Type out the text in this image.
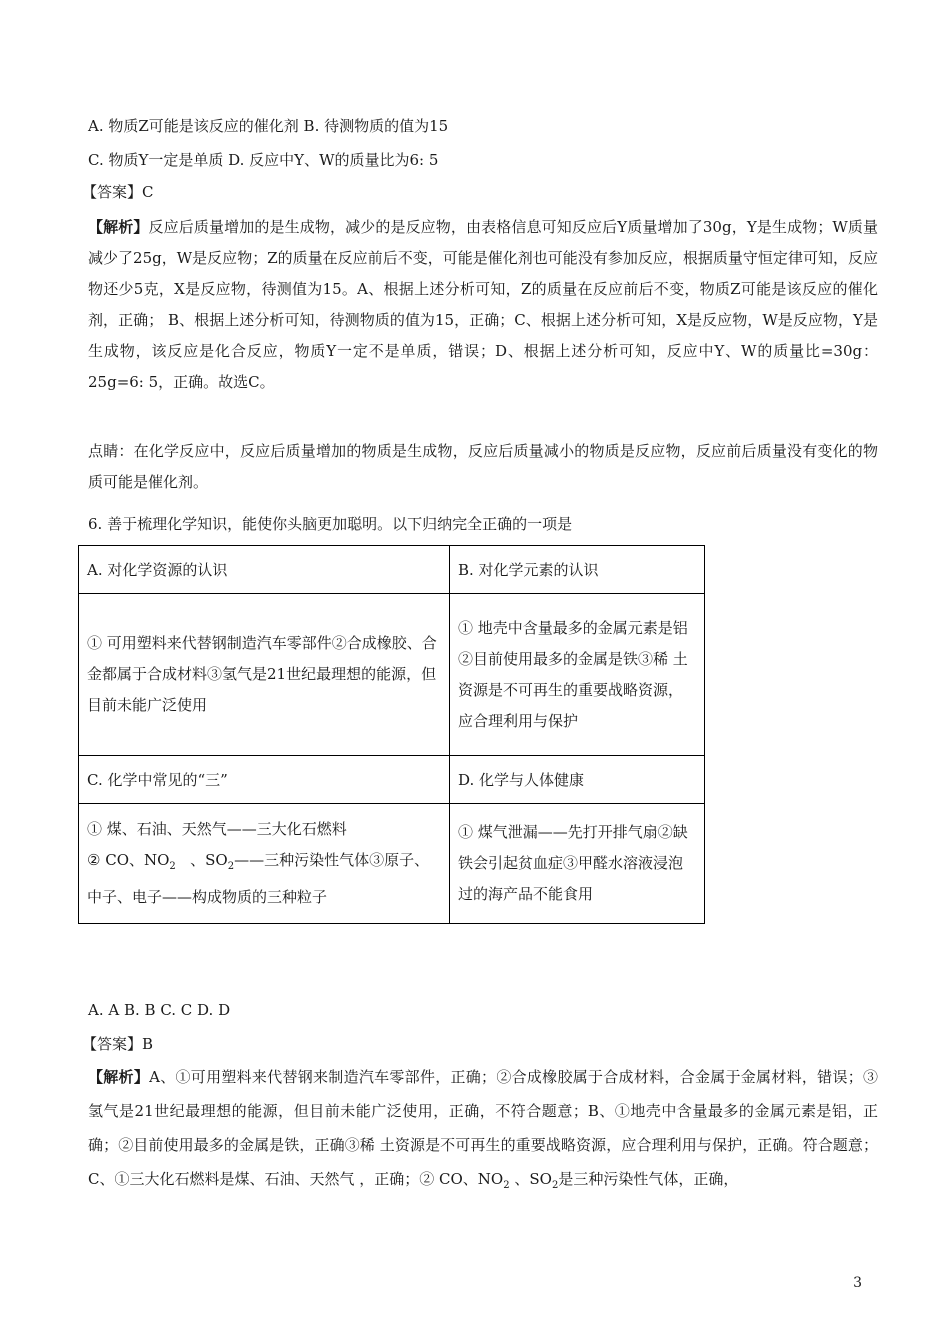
A. 物质Z可能是该反应的催化剂 B. 待测物质的值为15
C. 物质Y一定是单质 D. 反应中Y、W的质量比为6: 5
【答案】C
【解析】反应后质量增加的是生成物，减少的是反应物，由表格信息可知反应后Y质量增加了30g，Y是生成物；W质量减少了25g，W是反应物；Z的质量在反应前后不变，可能是催化剂也可能没有参加反应，根据质量守恒定律可知，反应物还少5克，X是反应物，待测值为15。A、根据上述分析可知，Z的质量在反应前后不变，物质Z可能是该反应的催化剂，正确； B、根据上述分析可知，待测物质的值为15，正确；C、根据上述分析可知，X是反应物，W是反应物，Y是生成物，该反应是化合反应，物质Y一定不是单质，错误；D、根据上述分析可知，反应中Y、W的质量比=30g：25g=6: 5，正确。故选C。
点睛：在化学反应中，反应后质量增加的物质是生成物，反应后质量减小的物质是反应物，反应前后质量没有变化的物质可能是催化剂。
6. 善于梳理化学知识，能使你头脑更加聪明。以下归纳完全正确的一项是
A. 对化学资源的认识	B. 对化学元素的认识

① 可用塑料来代替钢制造汽车零部件②合成橡胶、合金都属于合成材料③氢气是21世纪最理想的能源，但目前未能广泛使用	① 地壳中含量最多的金属元素是铝②目前使用最多的金属是铁③稀 土资源是不可再生的重要战略资源，应合理利用与保护

C. 化学中常见的“三”	D. 化学与人体健康

① 煤、石油、天然气——三大化石燃料
② CO、$NO_2$ 、$SO_2——$三种污染性气体③原子、中子、电子——构成物质的三种粒子	① 煤气泄漏——先打开排气扇②缺铁会引起贫血症③甲醛水溶液浸泡过的海产品不能食用
A. A B. B C. C D. D
【答案】B
【解析】A、①可用塑料来代替钢来制造汽车零部件，正确；②合成橡胶属于合成材料，合金属于金属材料，错误；③氢气是21世纪最理想的能源，但目前未能广泛使用，正确，不符合题意；B、①地壳中含量最多的金属元素是铝，正确；②目前使用最多的金属是铁，正确③稀 土资源是不可再生的重要战略资源，应合理利用与保护，正确。符合题意；C、①三大化石燃料是煤、石油、天然气 ，正确；② CO、$NO_2$ 、$SO_2$是三种污染性气体，正确，
3
